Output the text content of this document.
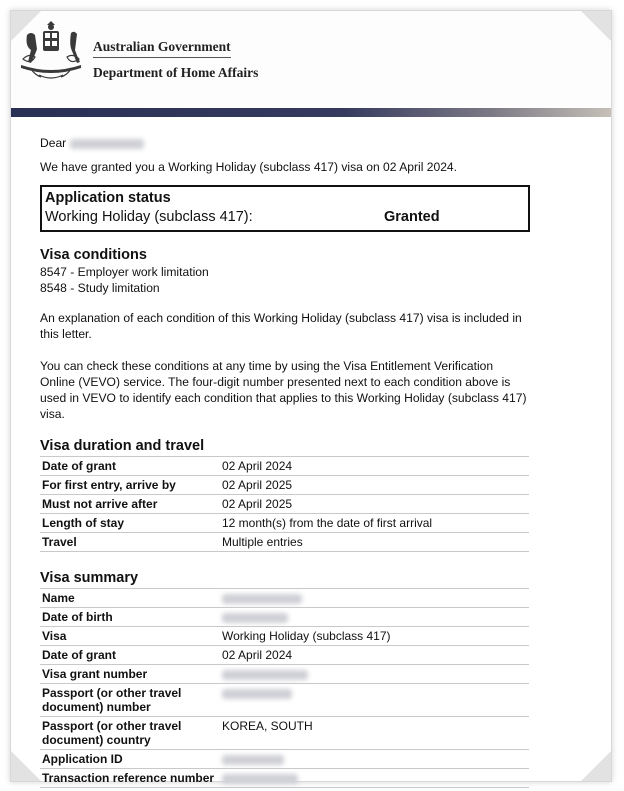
Australian Government
Department of Home Affairs

Dear

We have granted you a Working Holiday (subclass 417) visa on 02 April 2024.

Application status
Working Holiday (subclass 417):	Granted
Visa conditions

8547 - Employer work limitation

8548 - Study limitation

An explanation of each condition of this Working Holiday (subclass 417) visa is included in this letter.

You can check these conditions at any time by using the Visa Entitlement Verification Online (VEVO) service. The four-digit number presented next to each condition above is used in VEVO to identify each condition that applies to this Working Holiday (subclass 417) visa.

Visa duration and travel
Date of grant	02 April 2024
For first entry, arrive by	02 April 2025
Must not arrive after	02 April 2025
Length of stay	12 month(s) from the date of first arrival
Travel	Multiple entries
Visa summary
Name	
Date of birth	
Visa	Working Holiday (subclass 417)
Date of grant	02 April 2024
Visa grant number	
Passport (or other travel document) number	
Passport (or other travel document) country	KOREA, SOUTH
Application ID	
Transaction reference number	
